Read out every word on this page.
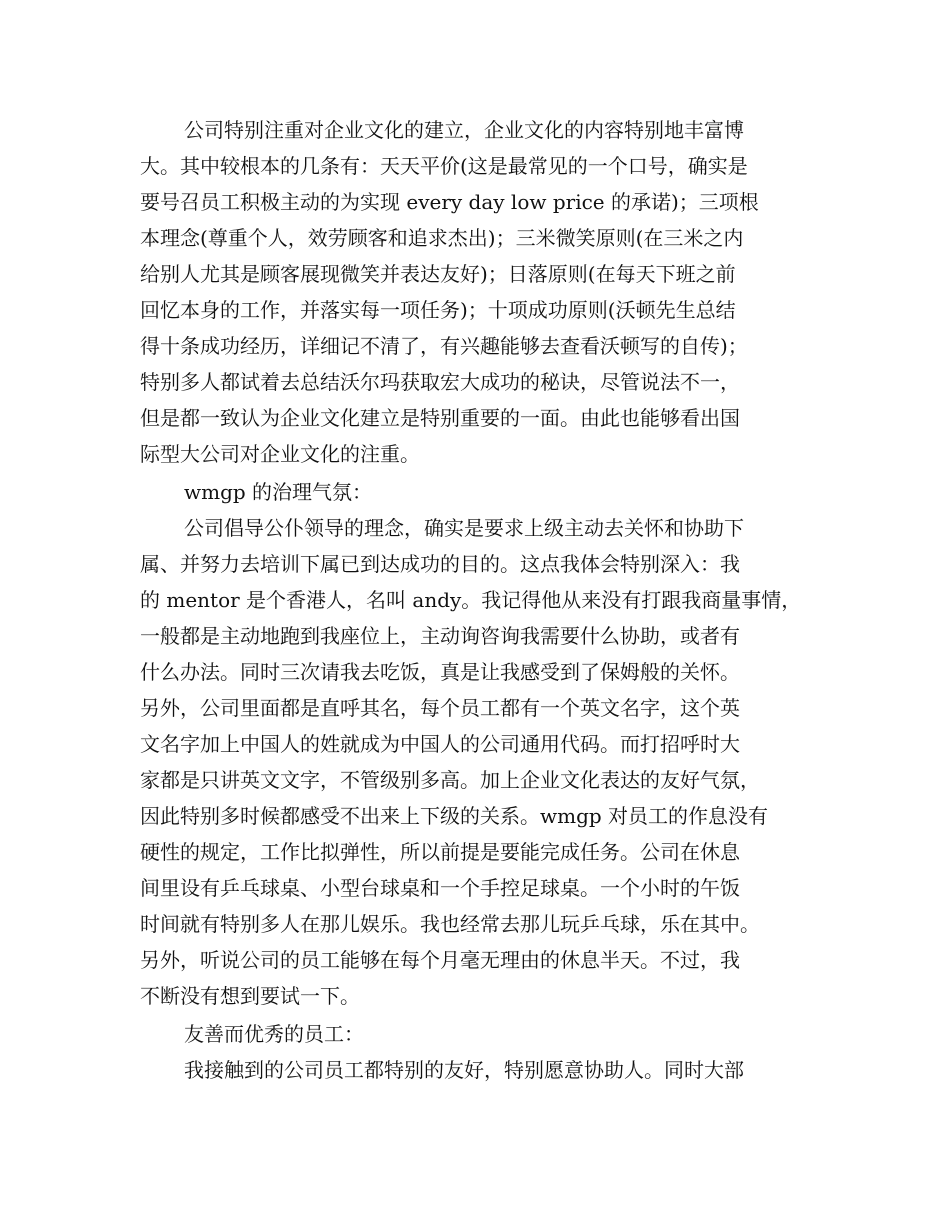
公司特别注重对企业文化的建立，企业文化的内容特别地丰富博
大。其中较根本的几条有：天天平价(这是最常见的一个口号，确实是
要号召员工积极主动的为实现 every day low price 的承诺)；三项根
本理念(尊重个人，效劳顾客和追求杰出)；三米微笑原则(在三米之内
给别人尤其是顾客展现微笑并表达友好)；日落原则(在每天下班之前
回忆本身的工作，并落实每一项任务)；十项成功原则(沃顿先生总结
得十条成功经历，详细记不清了，有兴趣能够去查看沃顿写的自传)；
特别多人都试着去总结沃尔玛获取宏大成功的秘诀，尽管说法不一，
但是都一致认为企业文化建立是特别重要的一面。由此也能够看出国
际型大公司对企业文化的注重。
wmgp 的治理气氛：
公司倡导公仆领导的理念，确实是要求上级主动去关怀和协助下
属、并努力去培训下属已到达成功的目的。这点我体会特别深入：我
的 mentor 是个香港人，名叫 andy。我记得他从来没有打跟我商量事情，
一般都是主动地跑到我座位上，主动询咨询我需要什么协助，或者有
什么办法。同时三次请我去吃饭，真是让我感受到了保姆般的关怀。
另外，公司里面都是直呼其名，每个员工都有一个英文名字，这个英
文名字加上中国人的姓就成为中国人的公司通用代码。而打招呼时大
家都是只讲英文文字，不管级别多高。加上企业文化表达的友好气氛，
因此特别多时候都感受不出来上下级的关系。wmgp 对员工的作息没有
硬性的规定，工作比拟弹性，所以前提是要能完成任务。公司在休息
间里设有乒乓球桌、小型台球桌和一个手控足球桌。一个小时的午饭
时间就有特别多人在那儿娱乐。我也经常去那儿玩乒乓球，乐在其中。
另外，听说公司的员工能够在每个月毫无理由的休息半天。不过，我
不断没有想到要试一下。
友善而优秀的员工：
我接触到的公司员工都特别的友好，特别愿意协助人。同时大部
